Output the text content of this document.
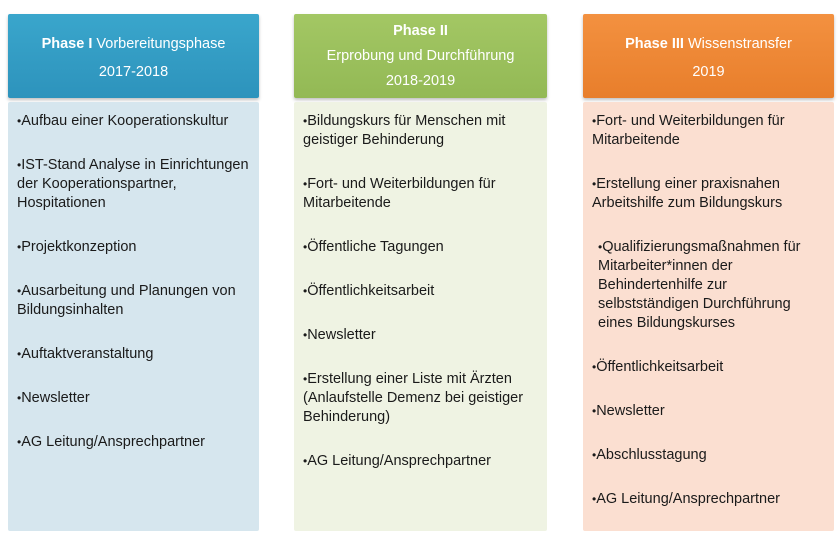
Phase I Vorbereitungsphase
2017-2018
•Aufbau einer Kooperationskultur
•IST-Stand Analyse in Einrichtungen der Kooperationspartner, Hospitationen
•Projektkonzeption
•Ausarbeitung und Planungen von Bildungsinhalten
•Auftaktveranstaltung
•Newsletter
•AG Leitung/Ansprechpartner
Phase II
Erprobung und Durchführung
2018-2019
•Bildungskurs für Menschen mit geistiger Behinderung
•Fort- und Weiterbildungen für Mitarbeitende
•Öffentliche Tagungen
•Öffentlichkeitsarbeit
•Newsletter
•Erstellung einer Liste mit Ärzten (Anlaufstelle Demenz bei geistiger Behinderung)
•AG Leitung/Ansprechpartner
Phase III Wissenstransfer
2019
•Fort- und Weiterbildungen für Mitarbeitende
•Erstellung einer praxisnahen Arbeitshilfe zum Bildungskurs
•Qualifizierungsmaßnahmen für Mitarbeiter*innen der Behindertenhilfe zur selbstständigen Durchführung eines Bildungskurses
•Öffentlichkeitsarbeit
•Newsletter
•Abschlusstagung
•AG Leitung/Ansprechpartner
